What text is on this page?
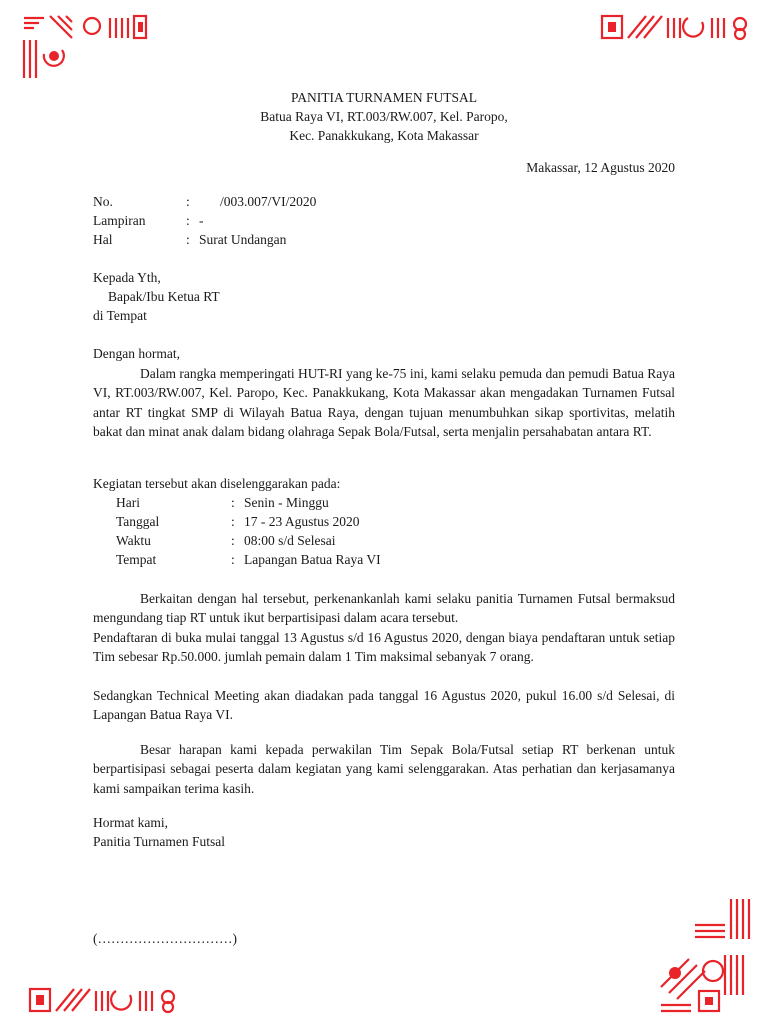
PANITIA TURNAMEN FUTSAL
Batua Raya VI, RT.003/RW.007, Kel. Paropo,
Kec. Panakkukang, Kota Makassar
Makassar, 12 Agustus 2020
No.	: /003.007/VI/2020
Lampiran	: -
Hal	: Surat Undangan
Kepada Yth,
Bapak/Ibu Ketua RT
di Tempat
Dengan hormat,
Dalam rangka memperingati HUT-RI yang ke-75 ini, kami selaku pemuda dan pemudi Batua Raya VI, RT.003/RW.007, Kel. Paropo, Kec. Panakkukang, Kota Makassar akan mengadakan Turnamen Futsal antar RT tingkat SMP di Wilayah Batua Raya, dengan tujuan menumbuhkan sikap sportivitas, melatih bakat dan minat anak dalam bidang olahraga Sepak Bola/Futsal, serta menjalin persahabatan antara RT.
Kegiatan tersebut akan diselenggarakan pada:
Hari	: Senin - Minggu
Tanggal	: 17 - 23 Agustus 2020
Waktu	: 08:00 s/d Selesai
Tempat	: Lapangan Batua Raya VI
Berkaitan dengan hal tersebut, perkenankanlah kami selaku panitia Turnamen Futsal bermaksud mengundang tiap RT untuk ikut berpartisipasi dalam acara tersebut.
Pendaftaran di buka mulai tanggal 13 Agustus s/d 16 Agustus 2020, dengan biaya pendaftaran untuk setiap Tim sebesar Rp.50.000. jumlah pemain dalam 1 Tim maksimal sebanyak 7 orang.
Sedangkan Technical Meeting akan diadakan pada tanggal 16 Agustus 2020, pukul 16.00 s/d Selesai, di Lapangan Batua Raya VI.
Besar harapan kami kepada perwakilan Tim Sepak Bola/Futsal setiap RT berkenan untuk berpartisipasi sebagai peserta dalam kegiatan yang kami selenggarakan. Atas perhatian dan kerjasamanya kami sampaikan terima kasih.
Hormat kami,
Panitia Turnamen Futsal
(…………………………)
